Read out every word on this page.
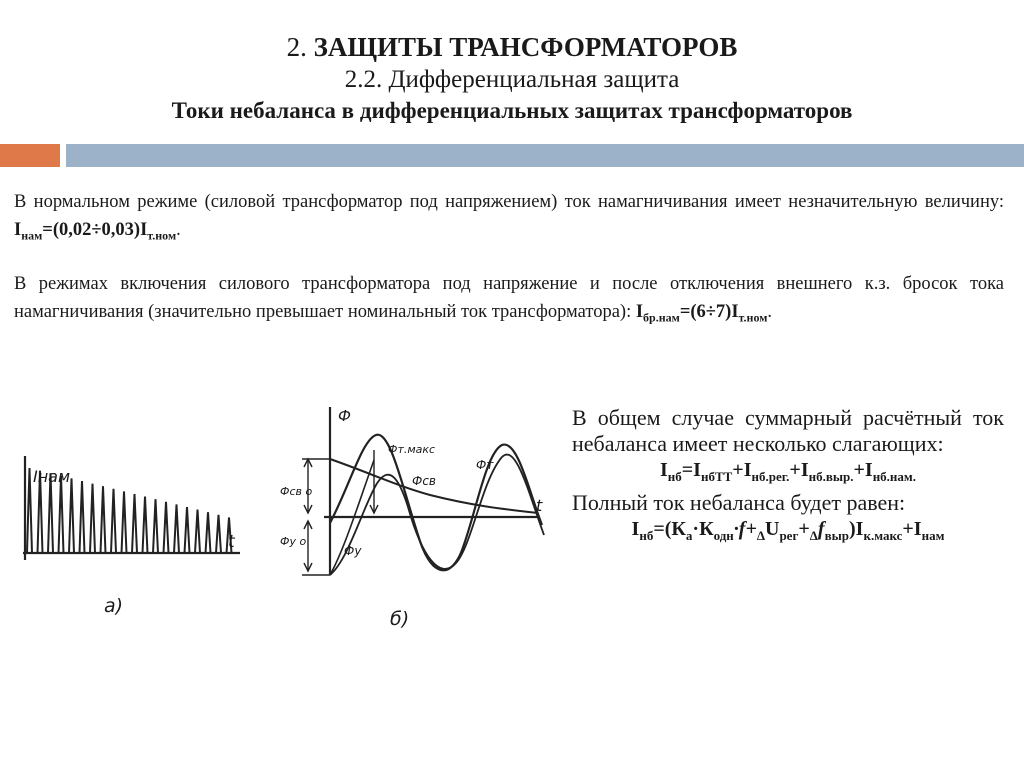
2. ЗАЩИТЫ ТРАНСФОРМАТОРОВ
2.2. Дифференциальная защита
Токи небаланса в дифференциальных защитах трансформаторов
В нормальном режиме (силовой трансформатор под напряжением) ток намагничивания имеет незначительную величину: $I_{нам}=(0,02\div 0,03)I_{т.ном}$.
В режимах включения силового трансформатора под напряжение и после отключения внешнего к.з. бросок тока намагничивания (значительно превышает номинальный ток трансформатора): $I_{бр.нам}=(6\div 7)I_{т.ном}$.
Iнам
t
а)
Ф
t
Фт.макс
Фт
Фсв
Фсв о
Фу о
Фу
б)
В общем случае суммарный расчётный ток небаланса имеет несколько слагающих:
$I_{нб}=I_{нбТТ}+I_{нб.рег.}+I_{нб.выр.}+I_{нб.нам.}$
Полный ток небаланса будет равен:
$I_{нб}=(К_а\cdot К_{одн}\cdot f+_\Delta U_{рег}+_\Delta f_{выр})I_{к.макс}+I_{нам}$
